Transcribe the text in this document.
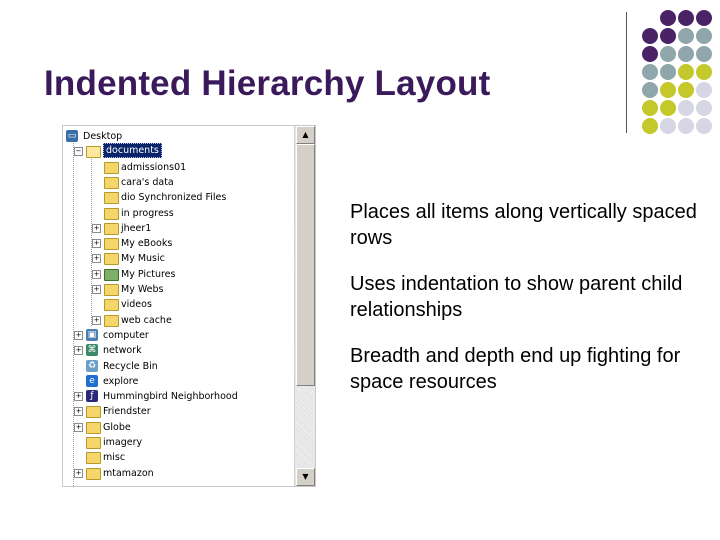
Indented Hierarchy Layout
▭ Desktop
−	documents
admissions01
cara's data
dio Synchronized Files
in progress
+ jheer1
+ My eBooks
+ My Music
+ My Pictures
+ My Webs
videos
+ web cache
+ ▣ computer
+ ⌘ network
♻ Recycle Bin
e explore
+ ƒ Hummingbird Neighborhood
+ Friendster
+ Globe
imagery
misc
+ mtamazon
▲
▼

Places all items along vertically spaced rows

Uses indentation to show parent child relationships

Breadth and depth end up fighting for space resources
